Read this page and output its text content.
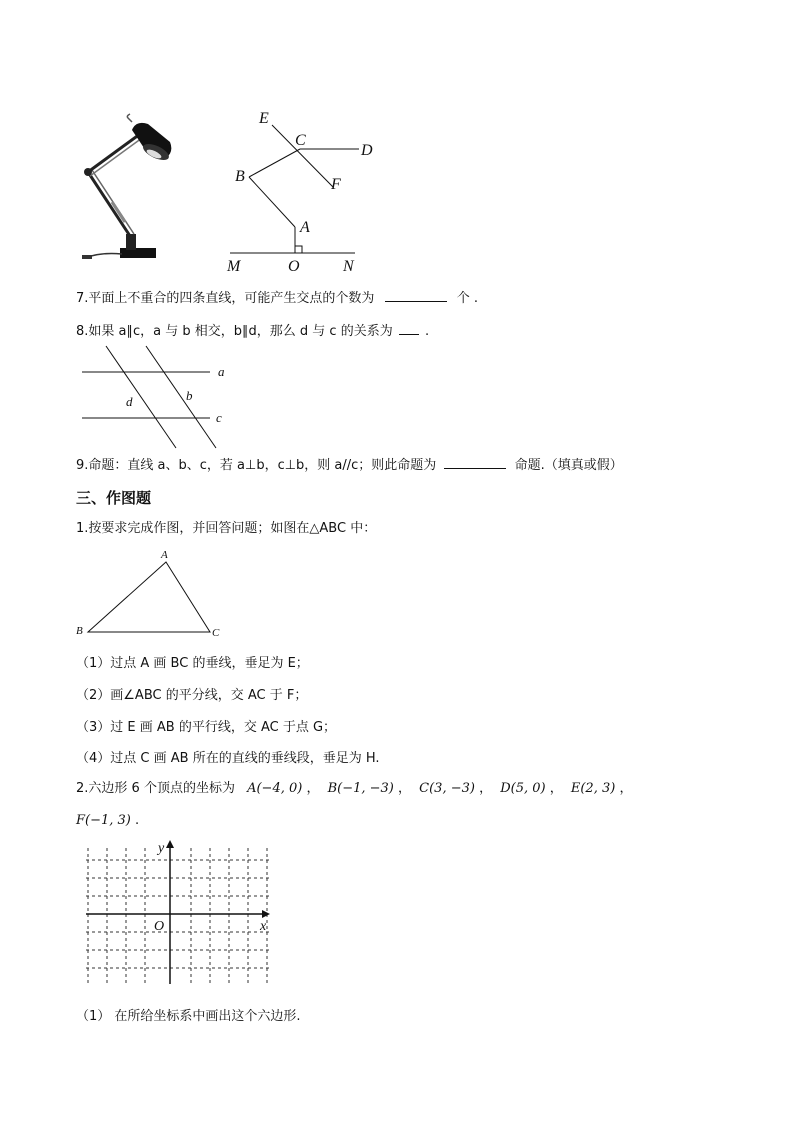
E
C
D
B	F
A
M	O	N
7.平面上不重合的四条直线，可能产生交点的个数为	个 .
8.如果 a∥c，a 与 b 相交，b∥d，那么 d 与 c 的关系为 .
a
c
d	b
9.命题：直线 a、b、c，若 a⊥b，c⊥b，则 a//c；则此命题为	命题.（填真或假）
三、作图题
1.按要求完成作图，并回答问题；如图在△ABC 中：
A
B	C
（1）过点 A 画 BC 的垂线，垂足为 E；
（2）画∠ABC 的平分线，交 AC 于 F；
（3）过 E 画 AB 的平行线，交 AC 于点 G；
（4）过点 C 画 AB 所在的直线的垂线段，垂足为 H.
2.六边形 6 个顶点的坐标为 A(−4, 0) ， B(−1, −3) ， C(3, −3) ， D(5, 0) ， E(2, 3) ，
F(−1, 3) .
y
x
O
（1） 在所给坐标系中画出这个六边形.
